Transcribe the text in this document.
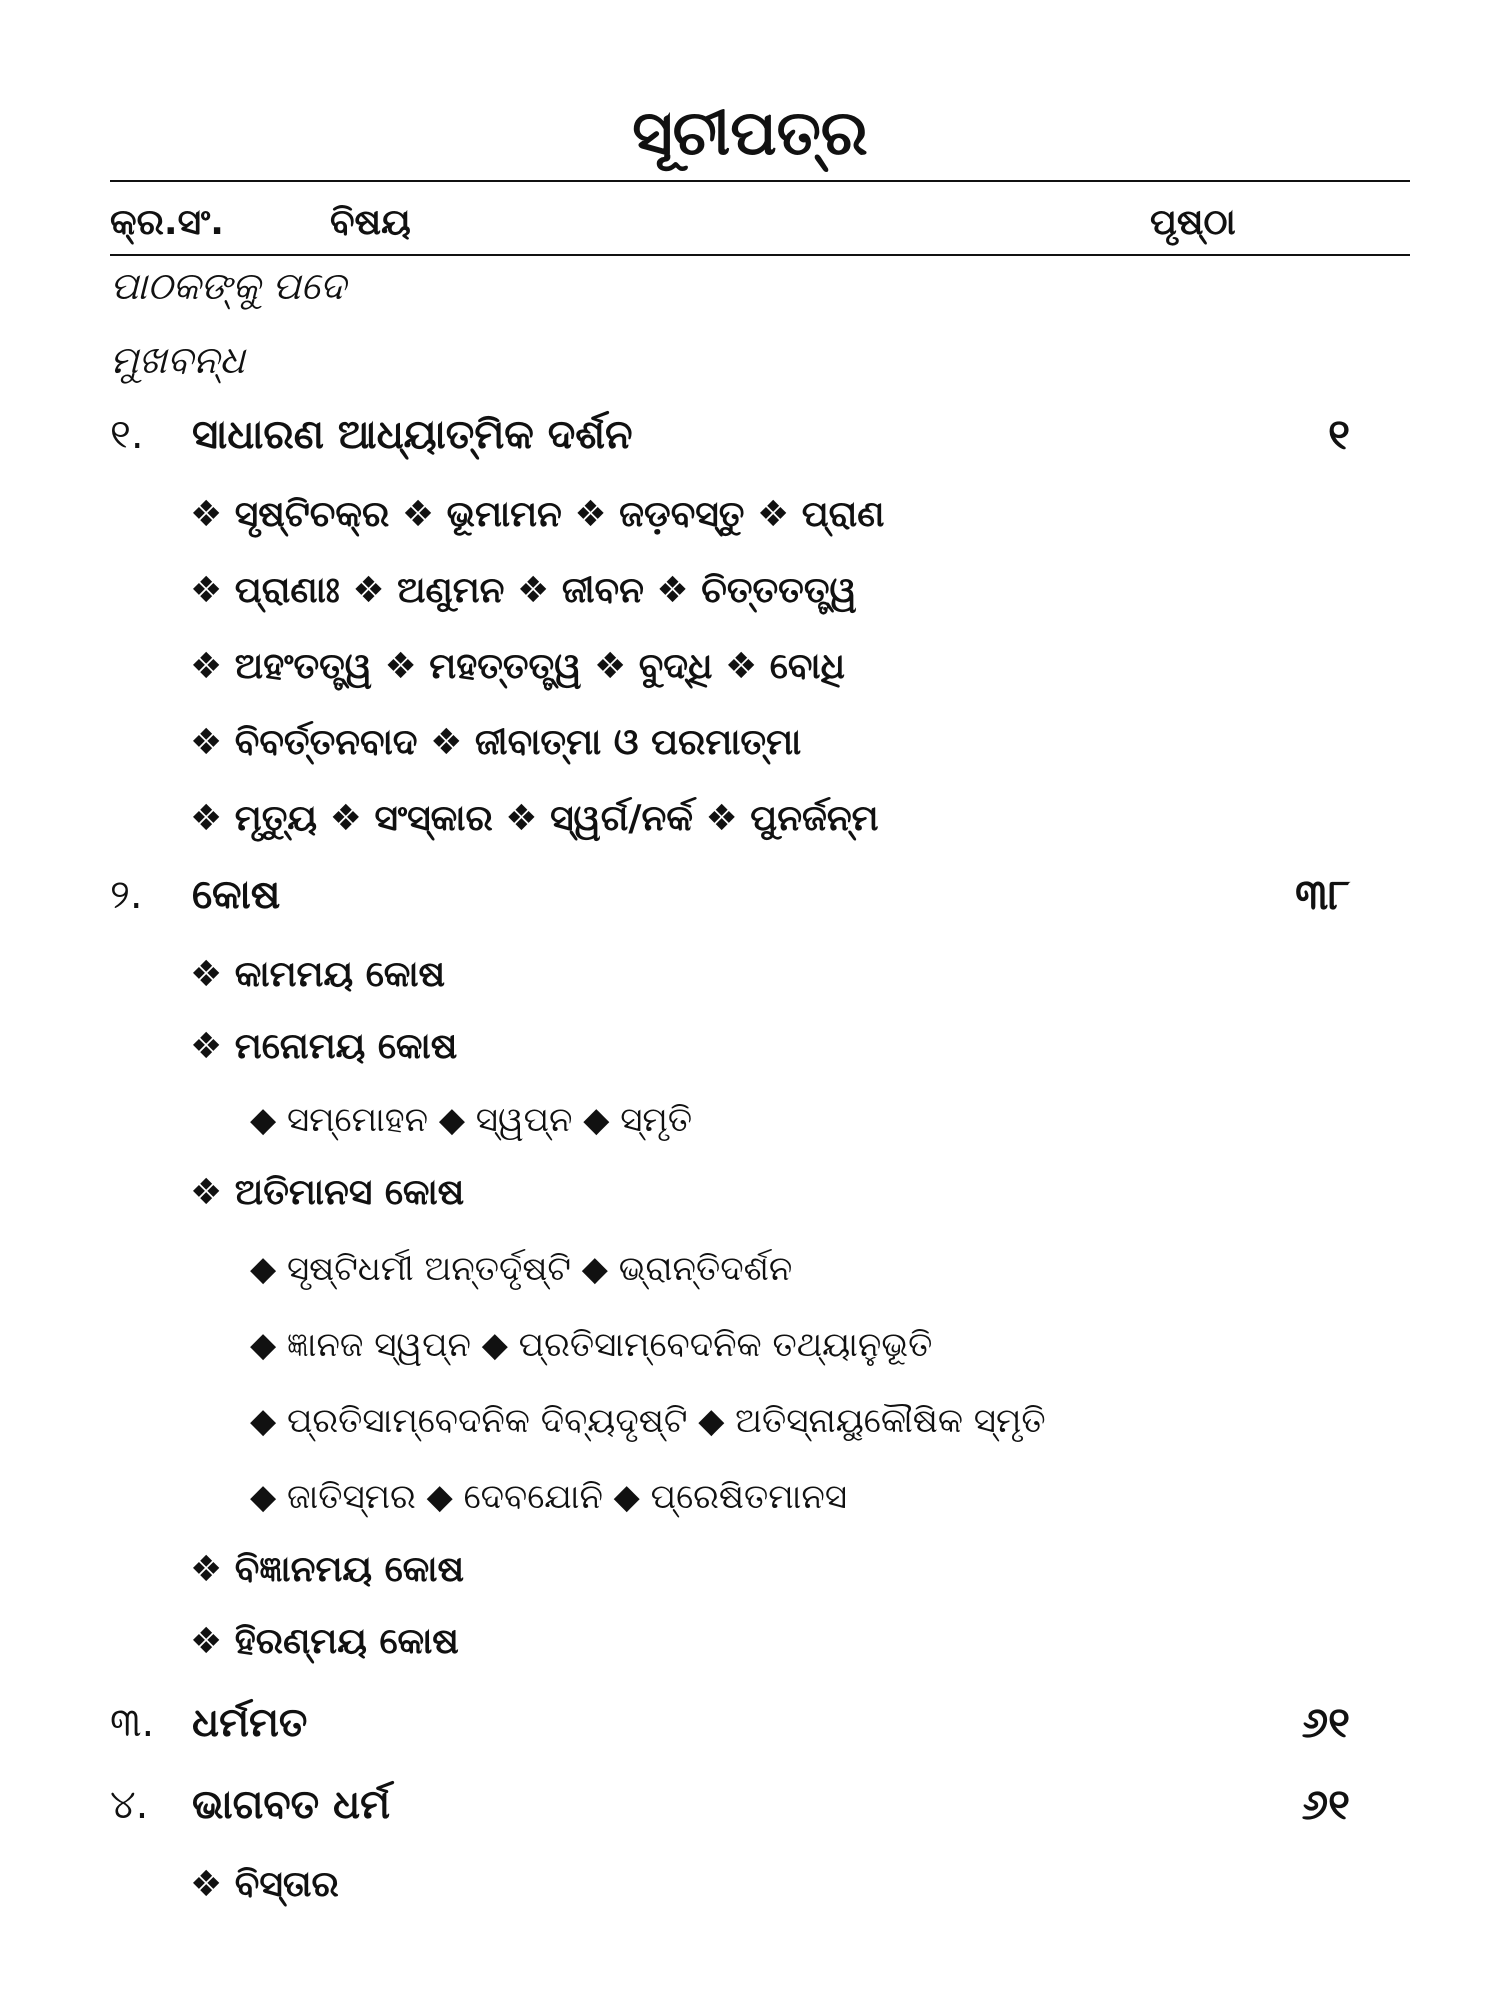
ସୂଚୀପତ୍ର
କ୍ର.ସଂ.	ବିଷୟ	ପୃଷ୍ଠା
ପାଠକଙ୍କୁ ପଦେ
ମୁଖବନ୍ଧ
୧. ସାଧାରଣ ଆଧ୍ୟାତ୍ମିକ ଦର୍ଶନ	୧
❖ ସୃଷ୍ଟିଚକ୍ର ❖ ଭୂମାମନ ❖ ଜଡ଼ବସ୍ତୁ ❖ ପ୍ରାଣ
❖ ପ୍ରାଣାଃ ❖ ଅଣୁମନ ❖ ଜୀବନ ❖ ଚିତ୍ତତତ୍ତ୍ୱ
❖ ଅହଂତତ୍ତ୍ୱ ❖ ମହତ୍‌ତତ୍ତ୍ୱ ❖ ବୁଦ୍ଧି ❖ ବୋଧି
❖ ବିବର୍ତ୍ତନବାଦ ❖ ଜୀବାତ୍ମା ଓ ପରମାତ୍ମା
❖ ମୃତ୍ୟୁ ❖ ସଂସ୍କାର ❖ ସ୍ୱର୍ଗ/ନର୍କ ❖ ପୁନର୍ଜନ୍ମ
୨. କୋଷ	୩୮
❖ କାମମୟ କୋଷ
❖ ମନୋମୟ କୋଷ
◆ ସମ୍ମୋହନ ◆ ସ୍ୱପ୍ନ ◆ ସ୍ମୃତି
❖ ଅତିମାନସ କୋଷ
◆ ସୃଷ୍ଟିଧର୍ମୀ ଅନ୍ତର୍ଦୃଷ୍ଟି ◆ ଭ୍ରାନ୍ତିଦର୍ଶନ
◆ ଜ୍ଞାନଜ ସ୍ୱପ୍ନ ◆ ପ୍ରତିସାମ୍ବେଦନିକ ତଥ୍ୟାନୁଭୂତି
◆ ପ୍ରତିସାମ୍ବେଦନିକ ଦିବ୍ୟଦୃଷ୍ଟି ◆ ଅତିସ୍ନାୟୁକୌଷିକ ସ୍ମୃତି
◆ ଜାତିସ୍ମର ◆ ଦେବଯୋନି ◆ ପ୍ରେଷିତମାନସ
❖ ବିଜ୍ଞାନମୟ କୋଷ
❖ ହିରଣ୍ମୟ କୋଷ
୩. ଧର୍ମମତ	୬୧
୪. ଭାଗବତ ଧର୍ମ	୬୧
❖ ବିସ୍ତାର
